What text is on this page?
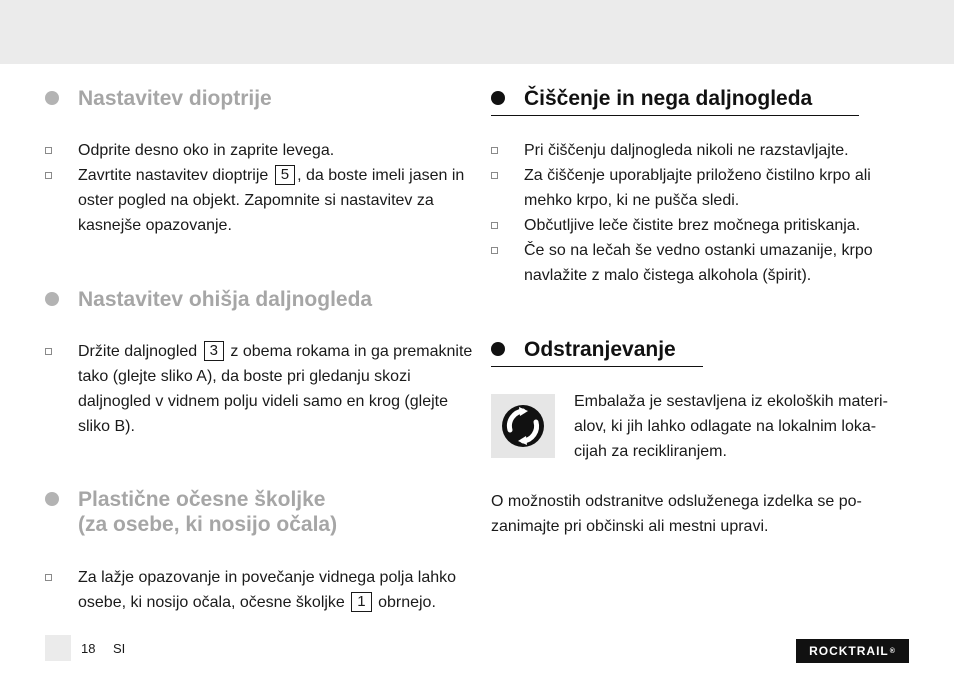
Nastavitev dioptrije
Odprite desno oko in zaprite levega.
Zavrtite nastavitev dioptrije 5 , da boste imeli jasen in oster pogled na objekt. Zapomnite si nastavitev za kasnejše opazovanje.
Nastavitev ohišja daljnogleda
Držite daljnogled 3 z obema rokama in ga premaknite tako (glejte sliko A), da boste pri gledanju skozi daljnogled v vidnem polju videli samo en krog (glejte sliko B).
Plastične očesne školjke
(za osebe, ki nosijo očala)
Za lažje opazovanje in povečanje vidnega polja lahko osebe, ki nosijo očala, očesne školjke 1 obrnejo.
Čiščenje in nega daljnogleda
Pri čiščenju daljnogleda nikoli ne razstavljajte.
Za čiščenje uporabljajte priloženo čistilno krpo ali mehko krpo, ki ne pušča sledi.
Občutljive leče čistite brez močnega pritiskanja.
Če so na lečah še vedno ostanki umazanije, krpo navlažite z malo čistega alkohola (špirit).
Odstranjevanje

Embalaža je sestavljena iz ekoloških materi-
alov, ki jih lahko odlagate na lokalnim loka-
cijah za recikliranjem.

O možnostih odstranitve odsluženega izdelka se po-
zanimajte pri občinski ali mestni upravi.

18 SI	ROCKTRAIL ®
